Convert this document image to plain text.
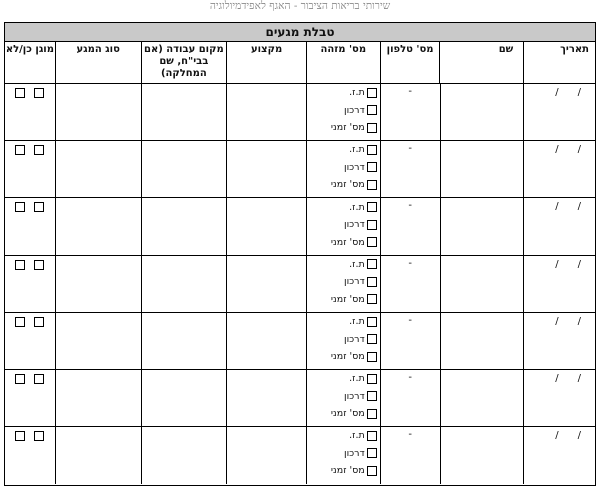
שירותי בריאות הציבור - האגף לאפידמיולוגיה
טבלת מגעים
תאריך
שם
מס' טלפון
מס' מזהה
מקצוע
מקום עבודה (אם בבי"ח, שם המחלקה)
סוג המגע
מוגן כן/לא
/      /
-
ת.ז.
דרכון
מס' זמני
/      /
-
ת.ז.
דרכון
מס' זמני
/      /
-
ת.ז.
דרכון
מס' זמני
/      /
-
ת.ז.
דרכון
מס' זמני
/      /
-
ת.ז.
דרכון
מס' זמני
/      /
-
ת.ז.
דרכון
מס' זמני
/      /
-
ת.ז.
דרכון
מס' זמני
